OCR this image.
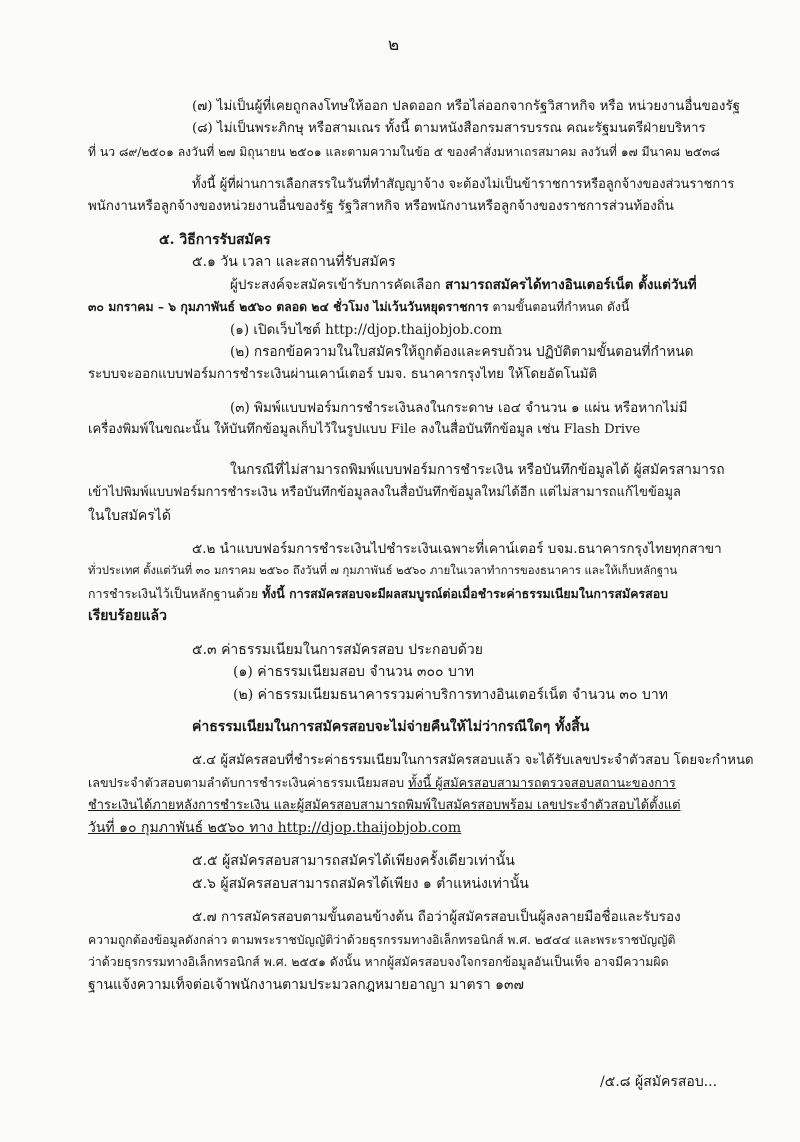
๒
(๗) ไม่เป็นผู้ที่เคยถูกลงโทษให้ออก ปลดออก หรือไล่ออกจากรัฐวิสาหกิจ หรือ หน่วยงานอื่นของรัฐ
(๘) ไม่เป็นพระภิกษุ หรือสามเณร ทั้งนี้ ตามหนังสือกรมสารบรรณ คณะรัฐมนตรีฝ่ายบริหาร
ที่ นว ๘๙/๒๕๐๑ ลงวันที่ ๒๗ มิถุนายน ๒๕๐๑ และตามความในข้อ ๕ ของคำสั่งมหาเถรสมาคม ลงวันที่ ๑๗ มีนาคม ๒๕๓๘
ทั้งนี้ ผู้ที่ผ่านการเลือกสรรในวันที่ทำสัญญาจ้าง จะต้องไม่เป็นข้าราชการหรือลูกจ้างของส่วนราชการ
พนักงานหรือลูกจ้างของหน่วยงานอื่นของรัฐ รัฐวิสาหกิจ หรือพนักงานหรือลูกจ้างของราชการส่วนท้องถิ่น
๕. วิธีการรับสมัคร
๕.๑ วัน เวลา และสถานที่รับสมัคร
ผู้ประสงค์จะสมัครเข้ารับการคัดเลือก สามารถสมัครได้ทางอินเตอร์เน็ต ตั้งแต่วันที่
๓๐ มกราคม – ๖ กุมภาพันธ์ ๒๕๖๐ ตลอด ๒๔ ชั่วโมง ไม่เว้นวันหยุดราชการ ตามขั้นตอนที่กำหนด ดังนี้
(๑) เปิดเว็บไซต์ http://djop.thaijobjob.com
(๒) กรอกข้อความในใบสมัครให้ถูกต้องและครบถ้วน ปฏิบัติตามขั้นตอนที่กำหนด
ระบบจะออกแบบฟอร์มการชำระเงินผ่านเคาน์เตอร์ บมจ. ธนาคารกรุงไทย ให้โดยอัตโนมัติ
(๓) พิมพ์แบบฟอร์มการชำระเงินลงในกระดาษ เอ๔ จำนวน ๑ แผ่น หรือหากไม่มี
เครื่องพิมพ์ในขณะนั้น ให้บันทึกข้อมูลเก็บไว้ในรูปแบบ File ลงในสื่อบันทึกข้อมูล เช่น Flash Drive
ในกรณีที่ไม่สามารถพิมพ์แบบฟอร์มการชำระเงิน หรือบันทึกข้อมูลได้ ผู้สมัครสามารถ
เข้าไปพิมพ์แบบฟอร์มการชำระเงิน หรือบันทึกข้อมูลลงในสื่อบันทึกข้อมูลใหม่ได้อีก แต่ไม่สามารถแก้ไขข้อมูล
ในใบสมัครได้
๕.๒ นำแบบฟอร์มการชำระเงินไปชำระเงินเฉพาะที่เคาน์เตอร์ บจม.ธนาคารกรุงไทยทุกสาขา
ทั่วประเทศ ตั้งแต่วันที่ ๓๐ มกราคม ๒๕๖๐ ถึงวันที่ ๗ กุมภาพันธ์ ๒๕๖๐ ภายในเวลาทำการของธนาคาร และให้เก็บหลักฐาน
การชำระเงินไว้เป็นหลักฐานด้วย ทั้งนี้ การสมัครสอบจะมีผลสมบูรณ์ต่อเมื่อชำระค่าธรรมเนียมในการสมัครสอบ
เรียบร้อยแล้ว
๕.๓ ค่าธรรมเนียมในการสมัครสอบ ประกอบด้วย
(๑) ค่าธรรมเนียมสอบ จำนวน ๓๐๐ บาท
(๒) ค่าธรรมเนียมธนาคารรวมค่าบริการทางอินเตอร์เน็ต จำนวน ๓๐ บาท
ค่าธรรมเนียมในการสมัครสอบจะไม่จ่ายคืนให้ไม่ว่ากรณีใดๆ ทั้งสิ้น
๕.๔ ผู้สมัครสอบที่ชำระค่าธรรมเนียมในการสมัครสอบแล้ว จะได้รับเลขประจำตัวสอบ โดยจะกำหนด
เลขประจำตัวสอบตามลำดับการชำระเงินค่าธรรมเนียมสอบ ทั้งนี้ ผู้สมัครสอบสามารถตรวจสอบสถานะของการ
ชำระเงินได้ภายหลังการชำระเงิน และผู้สมัครสอบสามารถพิมพ์ใบสมัครสอบพร้อม เลขประจำตัวสอบได้ตั้งแต่
วันที่ ๑๐ กุมภาพันธ์ ๒๕๖๐ ทาง http://djop.thaijobjob.com
๕.๕ ผู้สมัครสอบสามารถสมัครได้เพียงครั้งเดียวเท่านั้น
๕.๖ ผู้สมัครสอบสามารถสมัครได้เพียง ๑ ตำแหน่งเท่านั้น
๕.๗ การสมัครสอบตามขั้นตอนข้างต้น ถือว่าผู้สมัครสอบเป็นผู้ลงลายมือชื่อและรับรอง
ความถูกต้องข้อมูลดังกล่าว ตามพระราชบัญญัติว่าด้วยธุรกรรมทางอิเล็กทรอนิกส์ พ.ศ. ๒๕๔๔ และพระราชบัญญัติ
ว่าด้วยธุรกรรมทางอิเล็กทรอนิกส์ พ.ศ. ๒๕๕๑ ดังนั้น หากผู้สมัครสอบจงใจกรอกข้อมูลอันเป็นเท็จ อาจมีความผิด
ฐานแจ้งความเท็จต่อเจ้าพนักงานตามประมวลกฎหมายอาญา มาตรา ๑๓๗
/๕.๘ ผู้สมัครสอบ...
